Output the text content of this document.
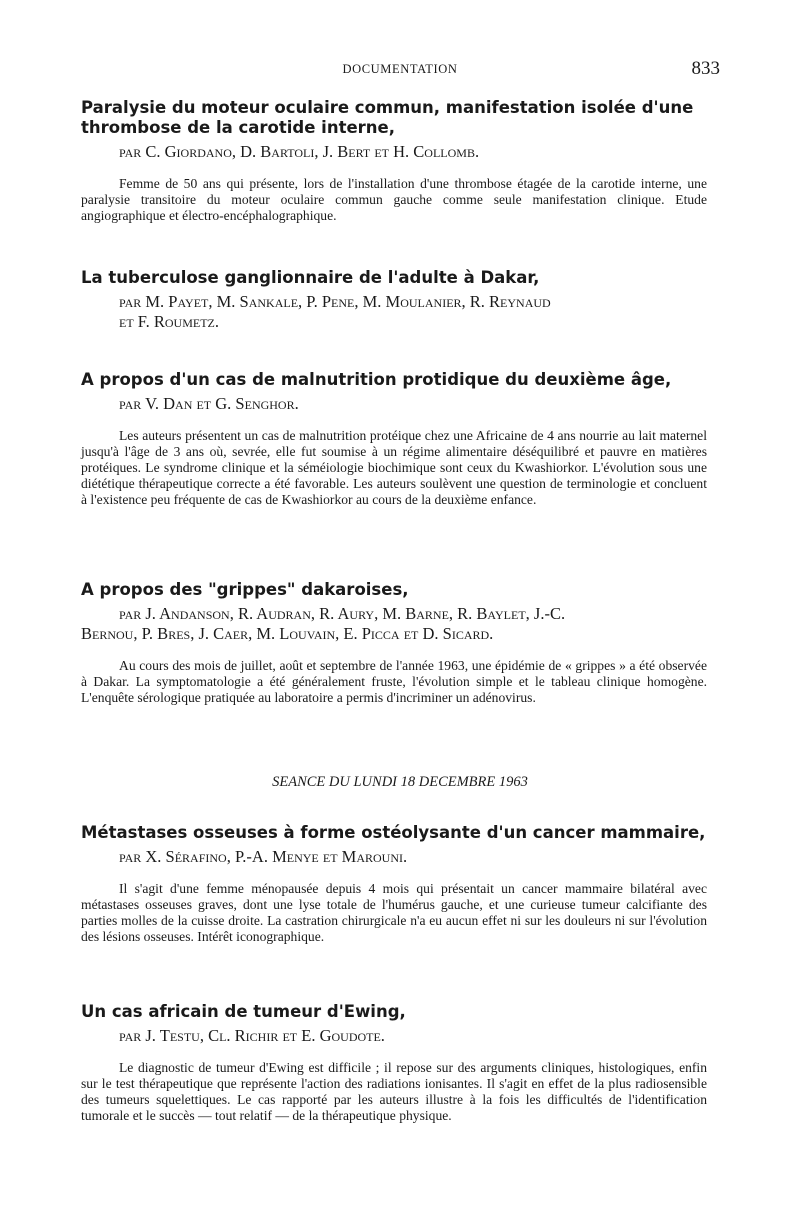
DOCUMENTATION	833
Paralysie du moteur oculaire commun, manifestation isolée d'une thrombose de la carotide interne,
par C. Giordano, D. Bartoli, J. Bert et H. Collomb.

Femme de 50 ans qui présente, lors de l'installation d'une thrombose étagée de la carotide interne, une paralysie transitoire du moteur oculaire commun gauche comme seule manifestation clinique. Etude angiographique et électro-encéphalographique.

La tuberculose ganglionnaire de l'adulte à Dakar,
par M. Payet, M. Sankale, P. Pene, M. Moulanier, R. Reynaud
et F. Roumetz.
A propos d'un cas de malnutrition protidique du deuxième âge,
par V. Dan et G. Senghor.

Les auteurs présentent un cas de malnutrition protéique chez une Africaine de 4 ans nourrie au lait maternel jusqu'à l'âge de 3 ans où, sevrée, elle fut soumise à un régime alimentaire déséquilibré et pauvre en matières protéiques. Le syndrome clinique et la séméiologie biochimique sont ceux du Kwashiorkor. L'évolution sous une diététique thérapeutique correcte a été favorable. Les auteurs soulèvent une question de terminologie et concluent à l'existence peu fréquente de cas de Kwashiorkor au cours de la deuxième enfance.

A propos des "grippes" dakaroises,
par J. Andanson, R. Audran, R. Aury, M. Barne, R. Baylet, J.-C.
Bernou, P. Bres, J. Caer, M. Louvain, E. Picca et D. Sicard.

Au cours des mois de juillet, août et septembre de l'année 1963, une épidémie de « grippes » a été observée à Dakar. La symptomatologie a été généralement fruste, l'évolution simple et le tableau clinique homogène. L'enquête sérologique pratiquée au laboratoire a permis d'incriminer un adénovirus.

SEANCE DU LUNDI 18 DECEMBRE 1963
Métastases osseuses à forme ostéolysante d'un cancer mammaire,
par X. Sérafino, P.-A. Menye et Marouni.

Il s'agit d'une femme ménopausée depuis 4 mois qui présentait un cancer mammaire bilatéral avec métastases osseuses graves, dont une lyse totale de l'humérus gauche, et une curieuse tumeur calcifiante des parties molles de la cuisse droite. La castration chirurgicale n'a eu aucun effet ni sur les douleurs ni sur l'évolution des lésions osseuses. Intérêt iconographique.

Un cas africain de tumeur d'Ewing,
par J. Testu, Cl. Richir et E. Goudote.

Le diagnostic de tumeur d'Ewing est difficile ; il repose sur des arguments cliniques, histologiques, enfin sur le test thérapeutique que représente l'action des radiations ionisantes. Il s'agit en effet de la plus radiosensible des tumeurs squelettiques. Le cas rapporté par les auteurs illustre à la fois les difficultés de l'identification tumorale et le succès — tout relatif — de la thérapeutique physique.
